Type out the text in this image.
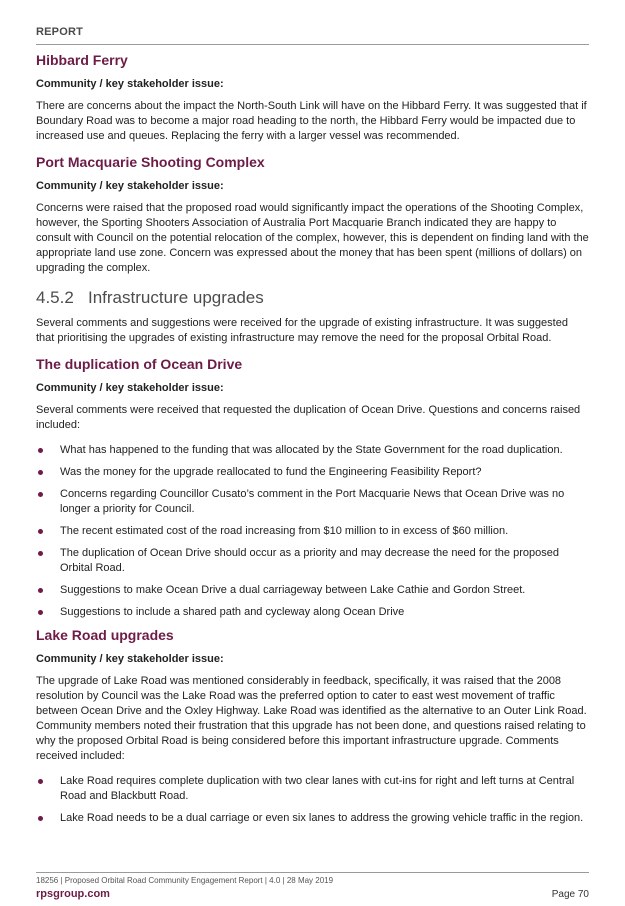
REPORT
Hibbard Ferry
Community / key stakeholder issue:

There are concerns about the impact the North-South Link will have on the Hibbard Ferry. It was suggested that if Boundary Road was to become a major road heading to the north, the Hibbard Ferry would be impacted due to increased use and queues. Replacing the ferry with a larger vessel was recommended.

Port Macquarie Shooting Complex
Community / key stakeholder issue:

Concerns were raised that the proposed road would significantly impact the operations of the Shooting Complex, however, the Sporting Shooters Association of Australia Port Macquarie Branch indicated they are happy to consult with Council on the potential relocation of the complex, however, this is dependent on finding land with the appropriate land use zone. Concern was expressed about the money that has been spent (millions of dollars) on upgrading the complex.

4.5.2 Infrastructure upgrades

Several comments and suggestions were received for the upgrade of existing infrastructure. It was suggested that prioritising the upgrades of existing infrastructure may remove the need for the proposal Orbital Road.

The duplication of Ocean Drive
Community / key stakeholder issue:

Several comments were received that requested the duplication of Ocean Drive. Questions and concerns raised included:

What has happened to the funding that was allocated by the State Government for the road duplication.
Was the money for the upgrade reallocated to fund the Engineering Feasibility Report?
Concerns regarding Councillor Cusato’s comment in the Port Macquarie News that Ocean Drive was no longer a priority for Council.
The recent estimated cost of the road increasing from $10 million to in excess of $60 million.
The duplication of Ocean Drive should occur as a priority and may decrease the need for the proposed Orbital Road.
Suggestions to make Ocean Drive a dual carriageway between Lake Cathie and Gordon Street.
Suggestions to include a shared path and cycleway along Ocean Drive
Lake Road upgrades
Community / key stakeholder issue:

The upgrade of Lake Road was mentioned considerably in feedback, specifically, it was raised that the 2008 resolution by Council was the Lake Road was the preferred option to cater to east west movement of traffic between Ocean Drive and the Oxley Highway. Lake Road was identified as the alternative to an Outer Link Road. Community members noted their frustration that this upgrade has not been done, and questions raised relating to why the proposed Orbital Road is being considered before this important infrastructure upgrade. Comments received included:

Lake Road requires complete duplication with two clear lanes with cut-ins for right and left turns at Central Road and Blackbutt Road.
Lake Road needs to be a dual carriage or even six lanes to address the growing vehicle traffic in the region.
18256 | Proposed Orbital Road Community Engagement Report | 4.0 | 28 May 2019
rpsgroup.com	Page 70
